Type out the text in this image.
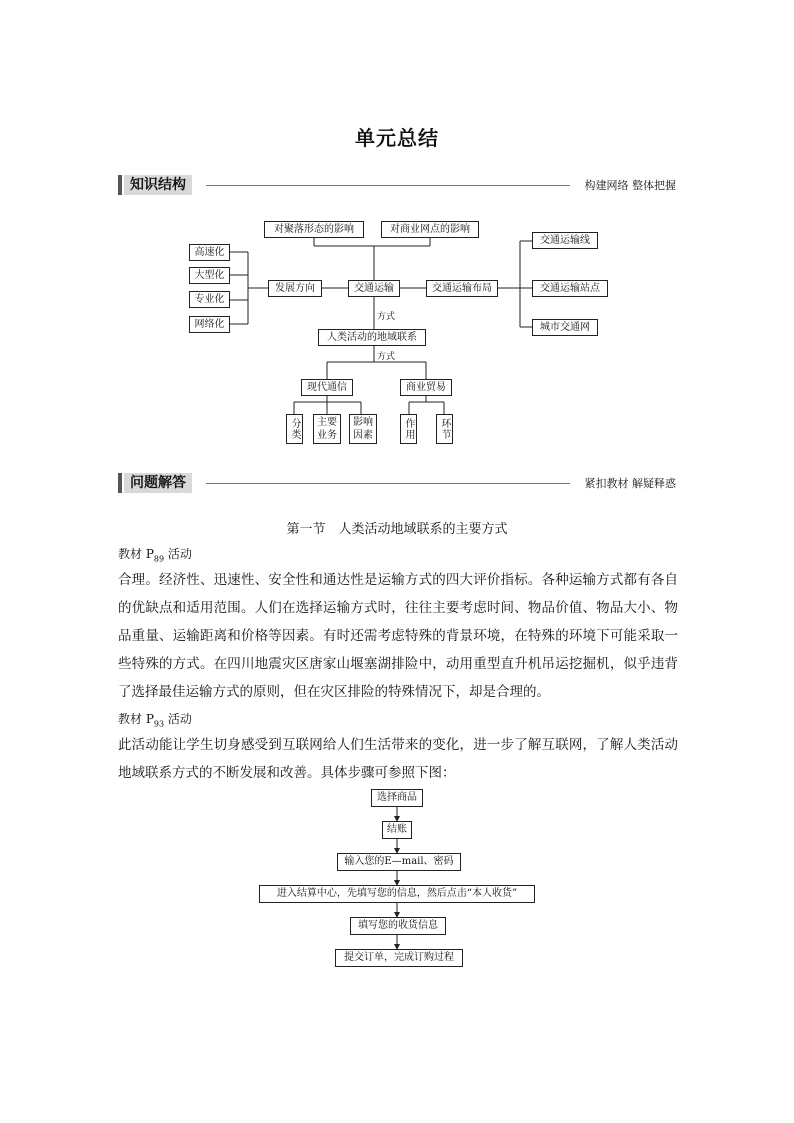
单元总结
知识结构	构建网络 整体把握
对聚落形态的影响	对商业网点的影响
高速化
大型化
专业化
网络化
发展方向	交通运输	交通运输布局
交通运输线
交通运输站点
城市交通网
方式
人类活动的地域联系
方式
现代通信	商业贸易
分类 主要业务
影响因素	作用	环节
问题解答	紧扣教材 解疑释惑
第一节　人类活动地域联系的主要方式
教材 $P_{89}$ 活动

合理。经济性、迅速性、安全性和通达性是运输方式的四大评价指标。各种运输方式都有各自的优缺点和适用范围。人们在选择运输方式时，往往主要考虑时间、物品价值、物品大小、物品重量、运输距离和价格等因素。有时还需考虑特殊的背景环境，在特殊的环境下可能采取一些特殊的方式。在四川地震灾区唐家山堰塞湖排险中，动用重型直升机吊运挖掘机，似乎违背了选择最佳运输方式的原则，但在灾区排险的特殊情况下，却是合理的。

教材 $P_{93}$ 活动

此活动能让学生切身感受到互联网给人们生活带来的变化，进一步了解互联网，了解人类活动地域联系方式的不断发展和改善。具体步骤可参照下图：

选择商品
结账
输入您的E—mail、密码
进入结算中心，先填写您的信息，然后点击“本人收货”
填写您的收货信息
提交订单，完成订购过程
